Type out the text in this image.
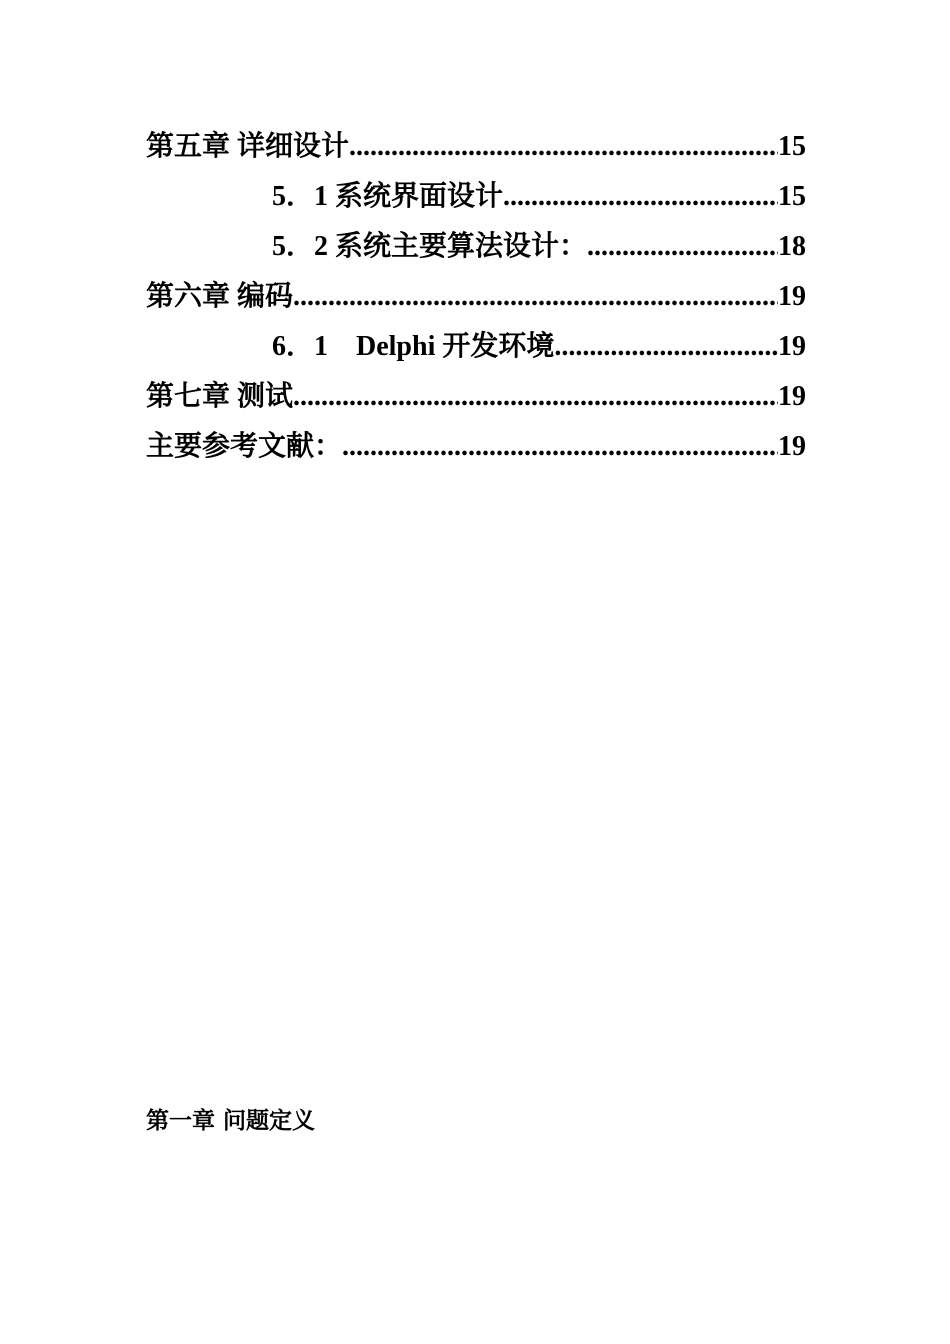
第五章 详细设计 .....	15
5．1 系统界面设计 .....	15
5．2 系统主要算法设计： .....	18
第六章 编码 .....	19
6．1　Delphi 开发环境 .....	19
第七章 测试 .....	19
主要参考文献： .....	19
第一章 问题定义
